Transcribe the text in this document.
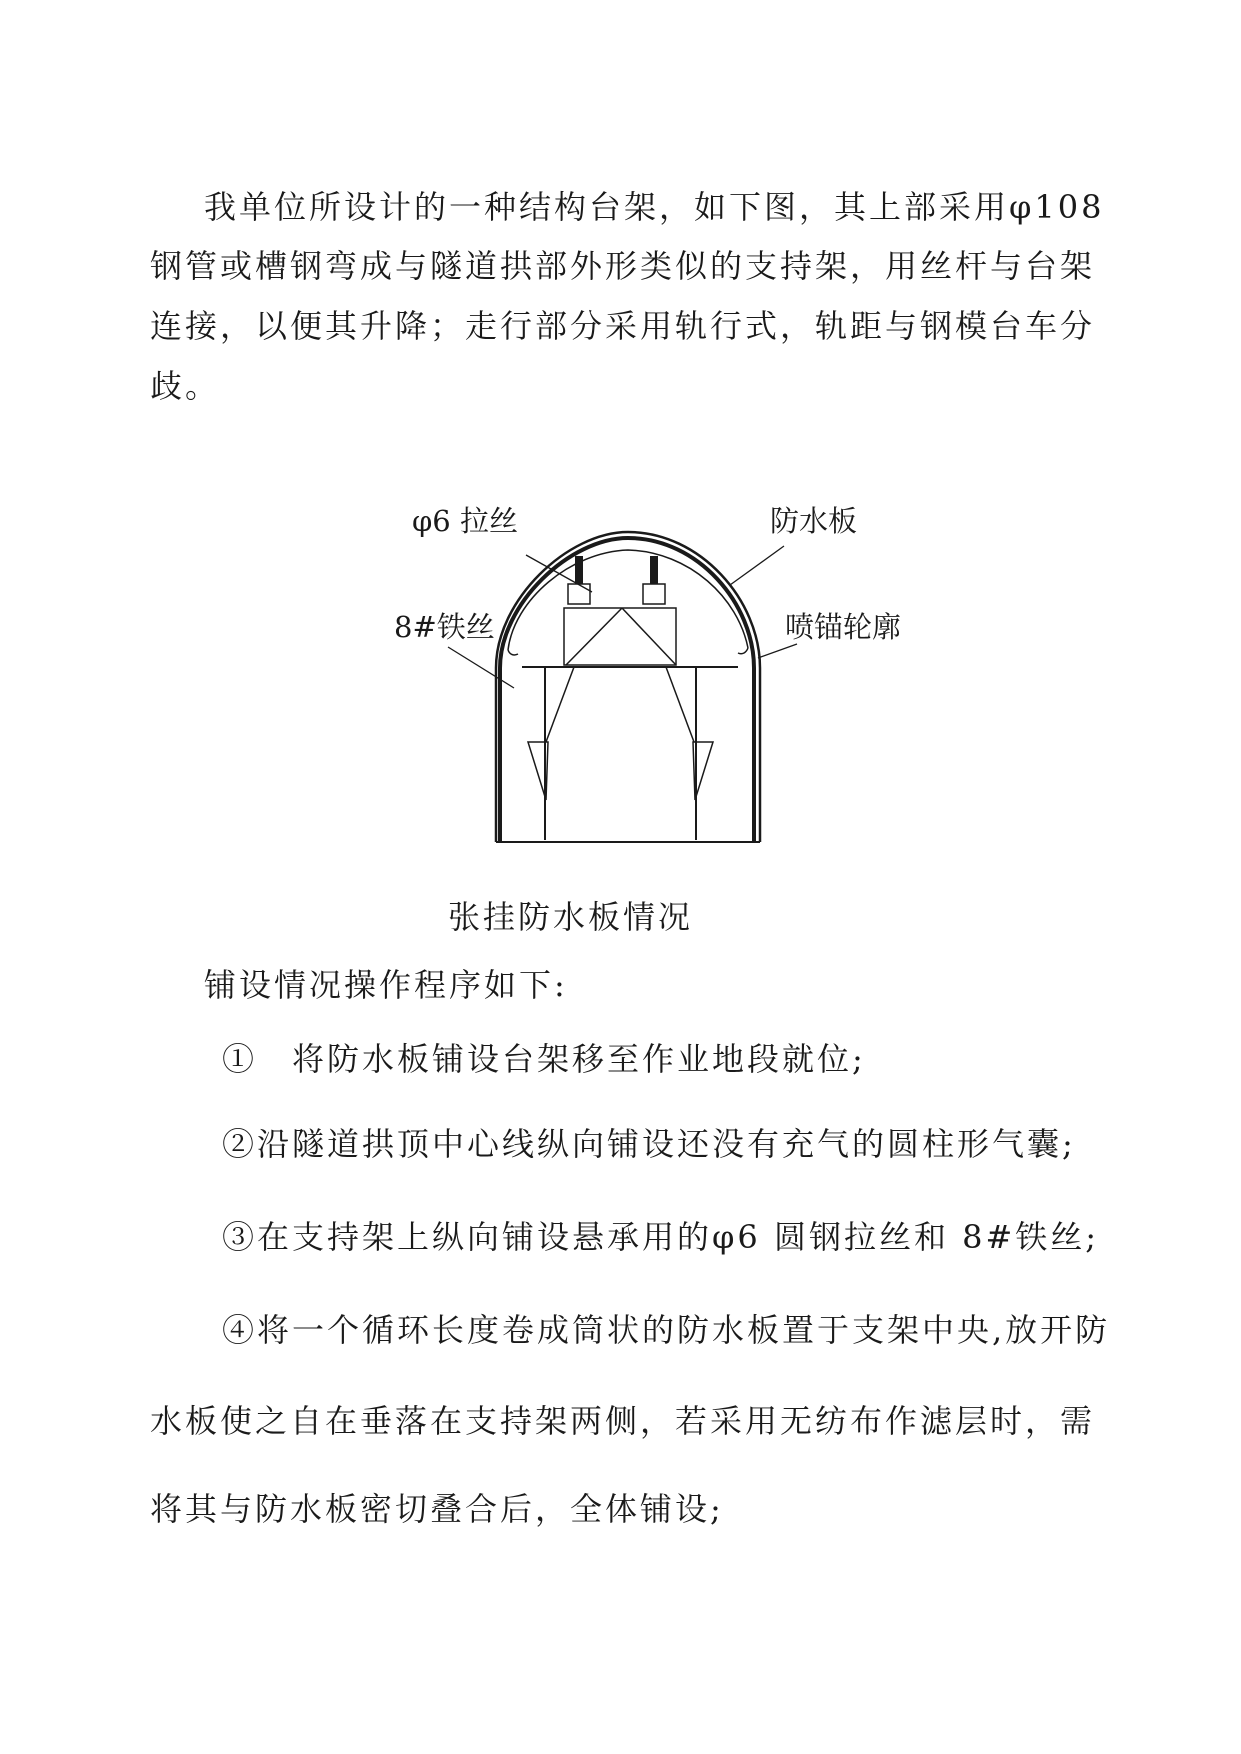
我单位所设计的一种结构台架，如下图，其上部采用φ108

钢管或槽钢弯成与隧道拱部外形类似的支持架，用丝杆与台架

连接，以便其升降；走行部分采用轨行式，轨距与钢模台车分

歧。

φ6 拉丝	防水板
8#铁丝	喷锚轮廓
张挂防水板情况

铺设情况操作程序如下:

①　将防水板铺设台架移至作业地段就位;

②沿隧道拱顶中心线纵向铺设还没有充气的圆柱形气囊;

③在支持架上纵向铺设悬承用的φ6 圆钢拉丝和 8#铁丝;

④将一个循环长度卷成筒状的防水板置于支架中央,放开防

水板使之自在垂落在支持架两侧，若采用无纺布作滤层时，需

将其与防水板密切叠合后，全体铺设;
